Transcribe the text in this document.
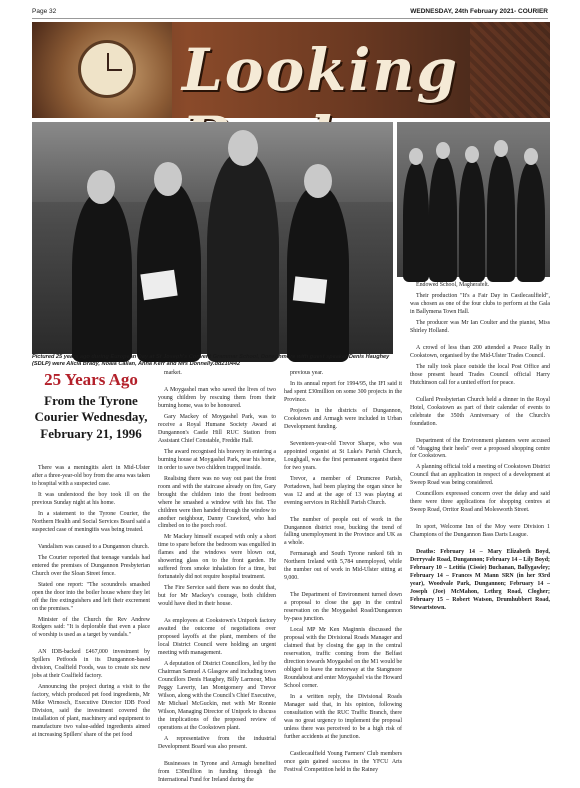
Page 32	WEDNESDAY, 24th February 2021- COURIER
Looking
Pictured 25 years ago during European Day at St Joseph's Convent Grammar School, Donaghmore with guest speaker Denis Haughey (SDLP) were Alicia Brady, Noala Callan, Anna Kerr and Mrs Donnelly.dd210442
25 Years Ago
From the Tyrone Courier Wednesday, February 21, 1996

There was a meningitis alert in Mid-Ulster after a three-year-old boy from the area was taken to hospital with a suspected case.

It was understood the boy took ill on the previous Sunday night at his home.

In a statement to the Tyrone Courier, the Northern Health and Social Services Board said a suspected case of meningitis was being treated.

Vandalism was caused to a Dungannon church.

The Courier reported that teenage vandals had entered the premises of Dungannon Presbyterian Church over the Sloan Street fence.

Stated one report: "The scoundrels smashed open the door into the boiler house where they let off the fire extinguishers and left their excrement on the premises."

Minister of the Church the Rev Andrew Rodgers said: "It is deplorable that even a place of worship is used as a target by vandals."

AN IDB-backed £467,000 investment by Spillers Petfoods in its Dungannon-based division, Coalfield Foods, was to create six new jobs at their Coalfield factory.

Announcing the project during a visit to the factory, which produced pet food ingredients, Mr Mike Wirnosch, Executive Director IDB Food Division, said the investment covered the installation of plant, machinery and equipment to manufacture two value-added ingredients aimed at increasing Spillers' share of the pet food

market.

A Moygashel man who saved the lives of two young children by rescuing them from their burning home, was to be honoured.

Gary Mackey of Moygashel Park, was to receive a Royal Humane Society Award at Dungannon's Castle Hill RUC Station from Assistant Chief Constable, Freddie Hall.

The award recognised his bravery in entering a burning house at Moygashel Park, near his home, in order to save two children trapped inside.

Realising there was no way out past the front room and with the staircase already on fire, Gary brought the children into the front bedroom where he smashed a window with his fist. The children were then handed through the window to another neighbour, Danny Crawford, who had climbed on to the porch roof.

Mr Mackey himself escaped with only a short time to spare before the bedroom was engulfed in flames and the windows were blown out, showering glass on to the front garden. He suffered from smoke inhalation for a time, but fortunately did not require hospital treatment.

The Fire Service said there was no doubt that, but for Mr Mackey's courage, both children would have died in their house.

As employees at Cookstown's Unipork factory awaited the outcome of negotiations over proposed layoffs at the plant, members of the local District Council were holding an urgent meeting with management.

A deputation of District Councillors, led by the Chairman Samuel A Glasgow and including town Councillors Denis Haughey, Billy Larmour, Miss Peggy Laverty, Ian Montgomery and Trevor Wilson, along with the Council's Chief Executive, Mr Michael McGuckin, met with Mr Ronnie Wilson, Managing Director of Unipork to discuss the implications of the proposed review of operations at the Cookstown plant.

A representative from the industrial Development Board was also present.

Businesses in Tyrone and Armagh benefited from £30million in funding through the International Fund for Ireland during the

previous year.

In its annual report for 1994/95, the IFI said it had spent £30million on some 300 projects in the Province.

Projects in the districts of Dungannon, Cookstown and Armagh were included in Urban Development funding.

Seventeen-year-old Trevor Sharpe, who was appointed organist at St Luke's Parish Church, Loughgall, was the first permanent organist there for two years.

Trevor, a member of Drumcree Parish, Portadown, had been playing the organ since he was 12 and at the age of 13 was playing at evening services in Richhill Parish Church.

The number of people out of work in the Dungannon district rose, bucking the trend of falling unemployment in the Province and UK as a whole.

Fermanagh and South Tyrone ranked 6th in Northern Ireland with 5,784 unemployed, while the number out of work in Mid-Ulster sitting at 9,000.

The Department of Environment turned down a proposal to close the gap in the central reservation on the Moygashel Road/Dungannon by-pass junction.

Local MP Mr Ken Maginnis discussed the proposal with the Divisional Roads Manager and claimed that by closing the gap in the central reservation, traffic coming from the Belfast direction towards Moygashel on the M1 would be obliged to leave the motorway at the Stangmore Roundabout and enter Moygashel via the Howard School corner.

In a written reply, the Divisional Roads Manager said that, in his opinion, following consultation with the RUC Traffic Branch, there was no great urgency to implement the proposal unless there was perceived to be a high risk of further accidents at the junction.

Castlecaulfield Young Farmers' Club members once gain gained success in the YFCU Arts Festival Competition held in the Rainey

Endowed School, Magherafelt.

Their production "It's a Fair Day in Castlecaulfield", was chosen as one of the four clubs to perform at the Gala in Ballymena Town Hall.

The producer was Mr Ian Coulter and the pianist, Miss Shirley Holland.

A crowd of less than 200 attended a Peace Rally in Cookstown, organised by the Mid-Ulster Trades Council.

The rally took place outside the local Post Office and those present heard Trades Council official Harry Hutchinson call for a united effort for peace.

Cullard Presbyterian Church held a dinner in the Royal Hotel, Cookstown as part of their calendar of events to celebrate the 350th Anniversary of the Church's foundation.

Department of the Environment planners were accused of "dragging their heels" over a proposed shopping centre for Cookstown.

A planning official told a meeting of Cookstown District Council that an application in respect of a development at Sweep Road was being considered.

Councillors expressed concern over the delay and said there were three applications for shopping centres at Sweep Road, Orritor Road and Molesworth Street.

In sport, Welcome Inn of the Moy were Division 1 Champions of the Dungannon Bass Darts League.

Deaths: February 14 – Mary Elizabeth Boyd, Derryvale Road, Dungannon; February 14 – Lily Boyd; February 10 – Letitia (Cissie) Buchanan, Ballygawley; February 14 – Frances M Mann SRN (in her 93rd year), Woodvale Park, Dungannon; February 14 – Joseph (Joe) McMahon, Lethrg Road, Clogher; February 15 – Robert Watson, Drumhubbert Road, Stewartstown.
